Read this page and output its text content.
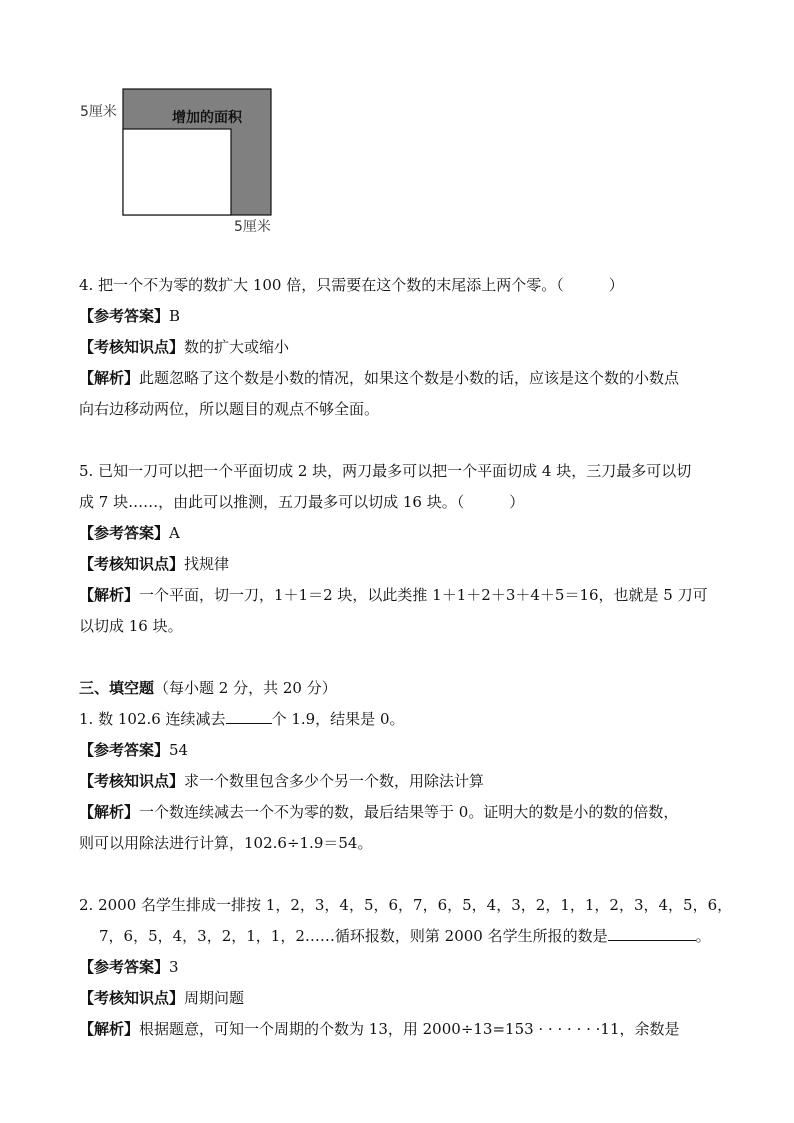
增加的面积
5厘米
5厘米
4. 把一个不为零的数扩大 100 倍，只需要在这个数的末尾添上两个零。（　　　）
【参考答案】B
【考核知识点】数的扩大或缩小
【解析】此题忽略了这个数是小数的情况，如果这个数是小数的话，应该是这个数的小数点
向右边移动两位，所以题目的观点不够全面。
5. 已知一刀可以把一个平面切成 2 块，两刀最多可以把一个平面切成 4 块，三刀最多可以切
成 7 块……，由此可以推测，五刀最多可以切成 16 块。（　　　）
【参考答案】A
【考核知识点】找规律
【解析】一个平面，切一刀，1＋1＝2 块，以此类推 1＋1＋2＋3＋4＋5＝16，也就是 5 刀可
以切成 16 块。
三、填空题（每小题 2 分，共 20 分）
1. 数 102.6 连续减去	个 1.9，结果是 0。
【参考答案】54
【考核知识点】求一个数里包含多少个另一个数，用除法计算
【解析】一个数连续减去一个不为零的数，最后结果等于 0。证明大的数是小的数的倍数，
则可以用除法进行计算，102.6÷1.9＝54。
2. 2000 名学生排成一排按 1，2，3，4，5，6，7，6，5，4，3，2，1，1，2，3，4，5，6，
7，6，5，4，3，2，1，1，2……循环报数，则第 2000 名学生所报的数是	。
【参考答案】3
【考核知识点】周期问题
【解析】根据题意，可知一个周期的个数为 13，用 2000÷13=153 · · · · · · ·11，余数是
